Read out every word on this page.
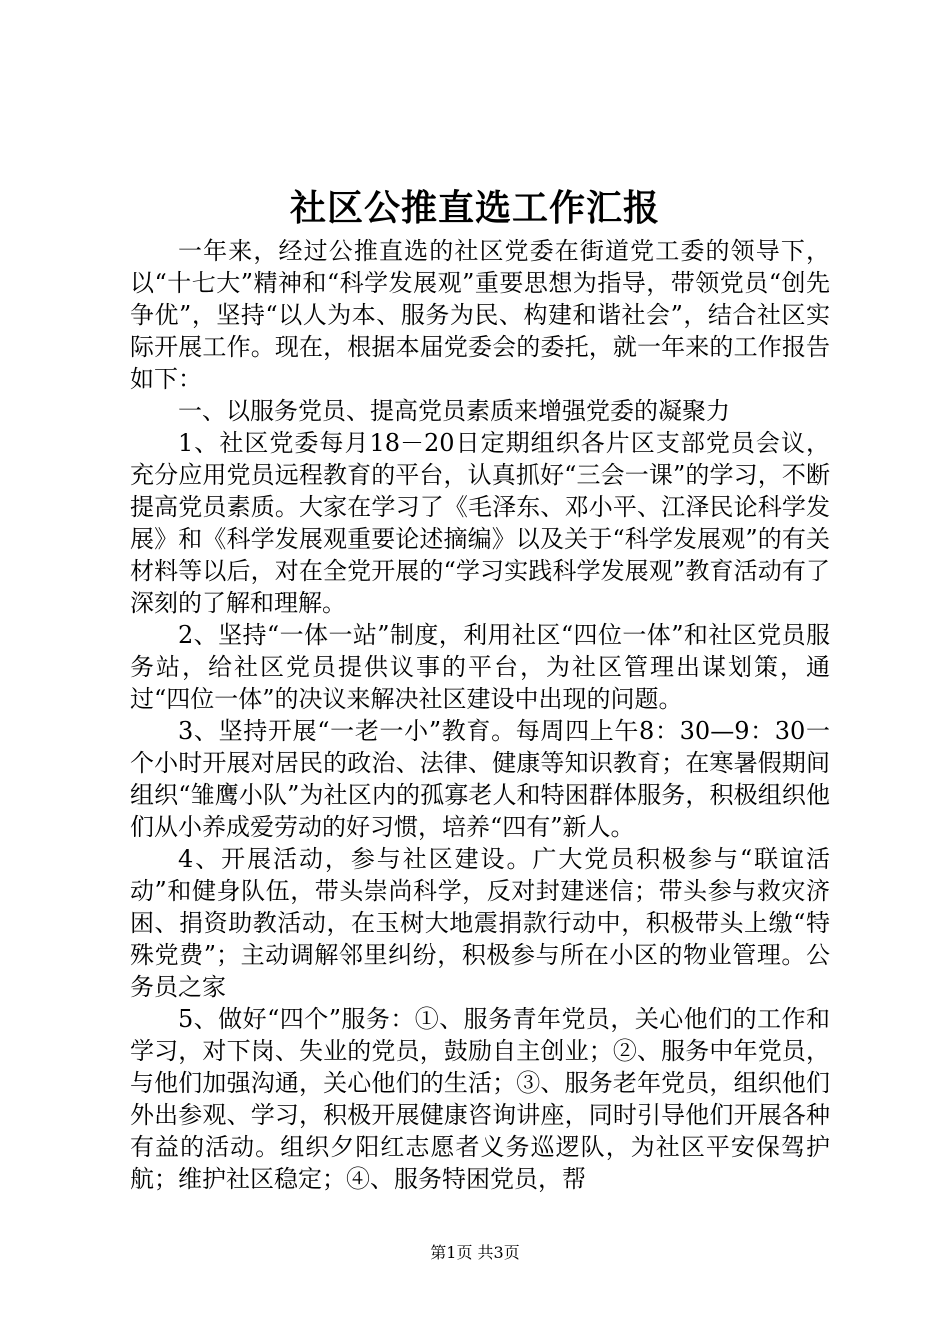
社区公推直选工作汇报

一年来，经过公推直选的社区党委在街道党工委的领导下，以“十七大”精神和“科学发展观”重要思想为指导，带领党员“创先争优”，坚持“以人为本、服务为民、构建和谐社会”，结合社区实际开展工作。现在，根据本届党委会的委托，就一年来的工作报告如下：

一、以服务党员、提高党员素质来增强党委的凝聚力

1、社区党委每月18－20日定期组织各片区支部党员会议，充分应用党员远程教育的平台，认真抓好“三会一课”的学习，不断提高党员素质。大家在学习了《毛泽东、邓小平、江泽民论科学发展》和《科学发展观重要论述摘编》以及关于“科学发展观”的有关材料等以后，对在全党开展的“学习实践科学发展观”教育活动有了深刻的了解和理解。

2、坚持“一体一站”制度，利用社区“四位一体”和社区党员服务站，给社区党员提供议事的平台，为社区管理出谋划策，通过“四位一体”的决议来解决社区建设中出现的问题。

3、坚持开展“一老一小”教育。每周四上午8：30—9：30一个小时开展对居民的政治、法律、健康等知识教育；在寒暑假期间组织“雏鹰小队”为社区内的孤寡老人和特困群体服务，积极组织他们从小养成爱劳动的好习惯，培养“四有”新人。

4、开展活动，参与社区建设。广大党员积极参与“联谊活动”和健身队伍，带头崇尚科学，反对封建迷信；带头参与救灾济困、捐资助教活动，在玉树大地震捐款行动中，积极带头上缴“特殊党费”；主动调解邻里纠纷，积极参与所在小区的物业管理。公务员之家

5、做好“四个”服务：①、服务青年党员，关心他们的工作和学习，对下岗、失业的党员，鼓励自主创业；②、服务中年党员，与他们加强沟通，关心他们的生活；③、服务老年党员，组织他们外出参观、学习，积极开展健康咨询讲座，同时引导他们开展各种有益的活动。组织夕阳红志愿者义务巡逻队，为社区平安保驾护航；维护社区稳定；④、服务特困党员，帮

第1页 共3页
